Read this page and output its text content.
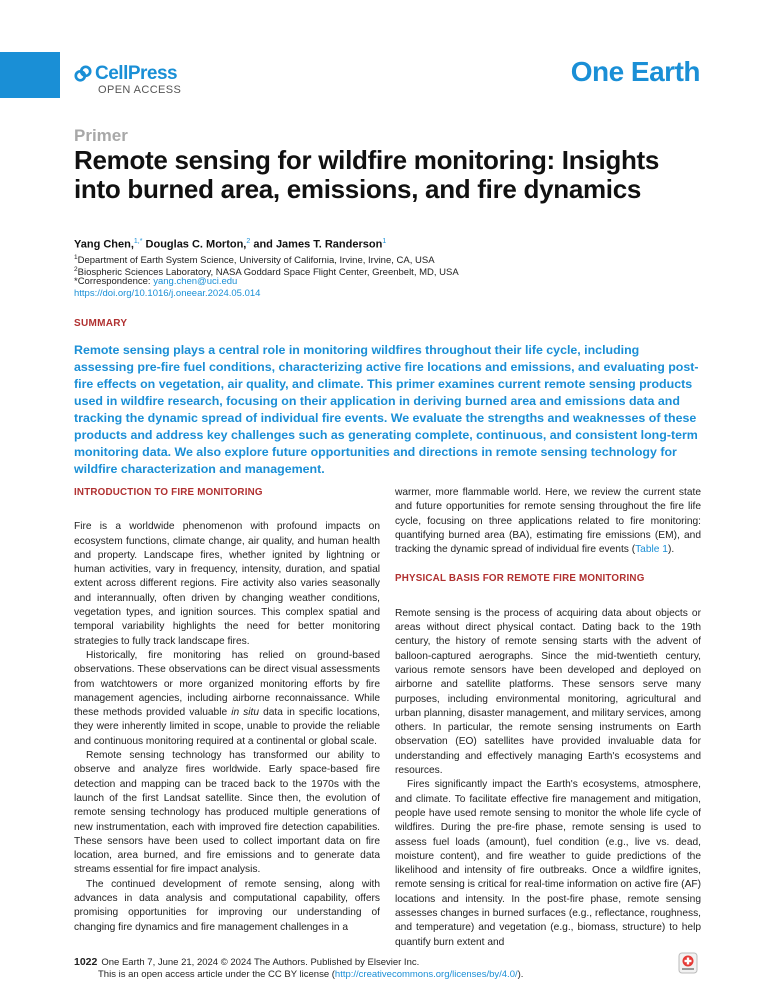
CellPress
OPEN ACCESS
One Earth
Primer
Remote sensing for wildfire monitoring: Insights into burned area, emissions, and fire dynamics
Yang Chen,$^{1,*}$ Douglas C. Morton,$^2$ and James T. Randerson$^1$
$^1$Department of Earth System Science, University of California, Irvine, Irvine, CA, USA
$^2$Biospheric Sciences Laboratory, NASA Goddard Space Flight Center, Greenbelt, MD, USA
*Correspondence: yang.chen@uci.edu
https://doi.org/10.1016/j.oneear.2024.05.014
SUMMARY

Remote sensing plays a central role in monitoring wildfires throughout their life cycle, including assessing pre-fire fuel conditions, characterizing active fire locations and emissions, and evaluating post-fire effects on vegetation, air quality, and climate. This primer examines current remote sensing products used in wildfire research, focusing on their application in deriving burned area and emissions data and tracking the dynamic spread of individual fire events. We evaluate the strengths and weaknesses of these products and address key challenges such as generating complete, continuous, and consistent long-term monitoring data. We also explore future opportunities and directions in remote sensing technology for wildfire characterization and management.

INTRODUCTION TO FIRE MONITORING

Fire is a worldwide phenomenon with profound impacts on ecosystem functions, climate change, air quality, and human health and property. Landscape fires, whether ignited by lightning or human activities, vary in frequency, intensity, duration, and spatial extent across different regions. Fire activity also varies seasonally and interannually, often driven by changing weather conditions, vegetation types, and ignition sources. This complex spatial and temporal variability highlights the need for better monitoring strategies to fully track landscape fires.

Historically, fire monitoring has relied on ground-based observations. These observations can be direct visual assessments from watchtowers or more organized monitoring efforts by fire management agencies, including airborne reconnaissance. While these methods provided valuable in situ data in specific locations, they were inherently limited in scope, unable to provide the reliable and continuous monitoring required at a continental or global scale.

Remote sensing technology has transformed our ability to observe and analyze fires worldwide. Early space-based fire detection and mapping can be traced back to the 1970s with the launch of the first Landsat satellite. Since then, the evolution of remote sensing technology has produced multiple generations of new instrumentation, each with improved fire detection capabilities. These sensors have been used to collect important data on fire location, area burned, and fire emissions and to generate data streams essential for fire impact analysis.

The continued development of remote sensing, along with advances in data analysis and computational capability, offers promising opportunities for improving our understanding of changing fire dynamics and fire management challenges in a

warmer, more flammable world. Here, we review the current state and future opportunities for remote sensing throughout the fire life cycle, focusing on three applications related to fire monitoring: quantifying burned area (BA), estimating fire emissions (EM), and tracking the dynamic spread of individual fire events (Table 1).

PHYSICAL BASIS FOR REMOTE FIRE MONITORING

Remote sensing is the process of acquiring data about objects or areas without direct physical contact. Dating back to the 19th century, the history of remote sensing starts with the advent of balloon-captured aerographs. Since the mid-twentieth century, various remote sensors have been developed and deployed on airborne and satellite platforms. These sensors serve many purposes, including environmental monitoring, agricultural and urban planning, disaster management, and military services, among others. In particular, the remote sensing instruments on Earth observation (EO) satellites have provided invaluable data for understanding and effectively managing Earth's ecosystems and resources.

Fires significantly impact the Earth's ecosystems, atmosphere, and climate. To facilitate effective fire management and mitigation, people have used remote sensing to monitor the whole life cycle of wildfires. During the pre-fire phase, remote sensing is used to assess fuel loads (amount), fuel condition (e.g., live vs. dead, moisture content), and fire weather to guide predictions of the likelihood and intensity of fire outbreaks. Once a wildfire ignites, remote sensing is critical for real-time information on active fire (AF) locations and intensity. In the post-fire phase, remote sensing assesses changes in burned surfaces (e.g., reflectance, roughness, and temperature) and vegetation (e.g., biomass, structure) to help quantify burn extent and

1022 One Earth 7, June 21, 2024 © 2024 The Authors. Published by Elsevier Inc.
This is an open access article under the CC BY license (http://creativecommons.org/licenses/by/4.0/).
